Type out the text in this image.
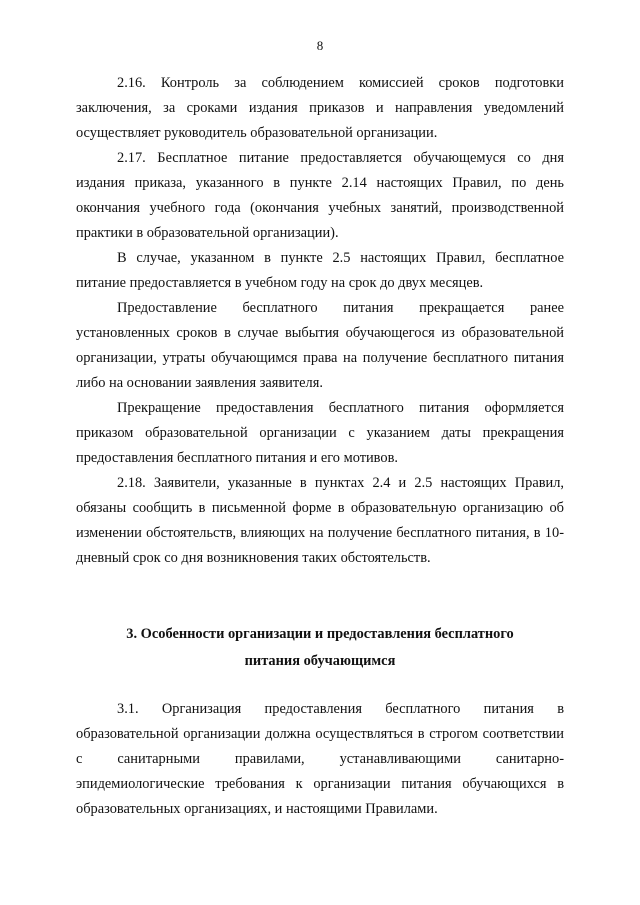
8

2.16. Контроль за соблюдением комиссией сроков подготовки заключения, за сроками издания приказов и направления уведомлений осуществляет руководитель образовательной организации.

2.17. Бесплатное питание предоставляется обучающемуся со дня издания приказа, указанного в пункте 2.14 настоящих Правил, по день окончания учебного года (окончания учебных занятий, производственной практики в образовательной организации).

В случае, указанном в пункте 2.5 настоящих Правил, бесплатное питание предоставляется в учебном году на срок до двух месяцев.

Предоставление бесплатного питания прекращается ранее установленных сроков в случае выбытия обучающегося из образовательной организации, утраты обучающимся права на получение бесплатного питания либо на основании заявления заявителя.

Прекращение предоставления бесплатного питания оформляется приказом образовательной организации с указанием даты прекращения предоставления бесплатного питания и его мотивов.

2.18. Заявители, указанные в пунктах 2.4 и 2.5 настоящих Правил, обязаны сообщить в письменной форме в образовательную организацию об изменении обстоятельств, влияющих на получение бесплатного питания, в 10-дневный срок со дня возникновения таких обстоятельств.

3. Особенности организации и предоставления бесплатного
питания обучающимся

3.1. Организация предоставления бесплатного питания в образовательной организации должна осуществляться в строгом соответствии с санитарными правилами, устанавливающими санитарно-эпидемиологические требования к организации питания обучающихся в образовательных организациях, и настоящими Правилами.
